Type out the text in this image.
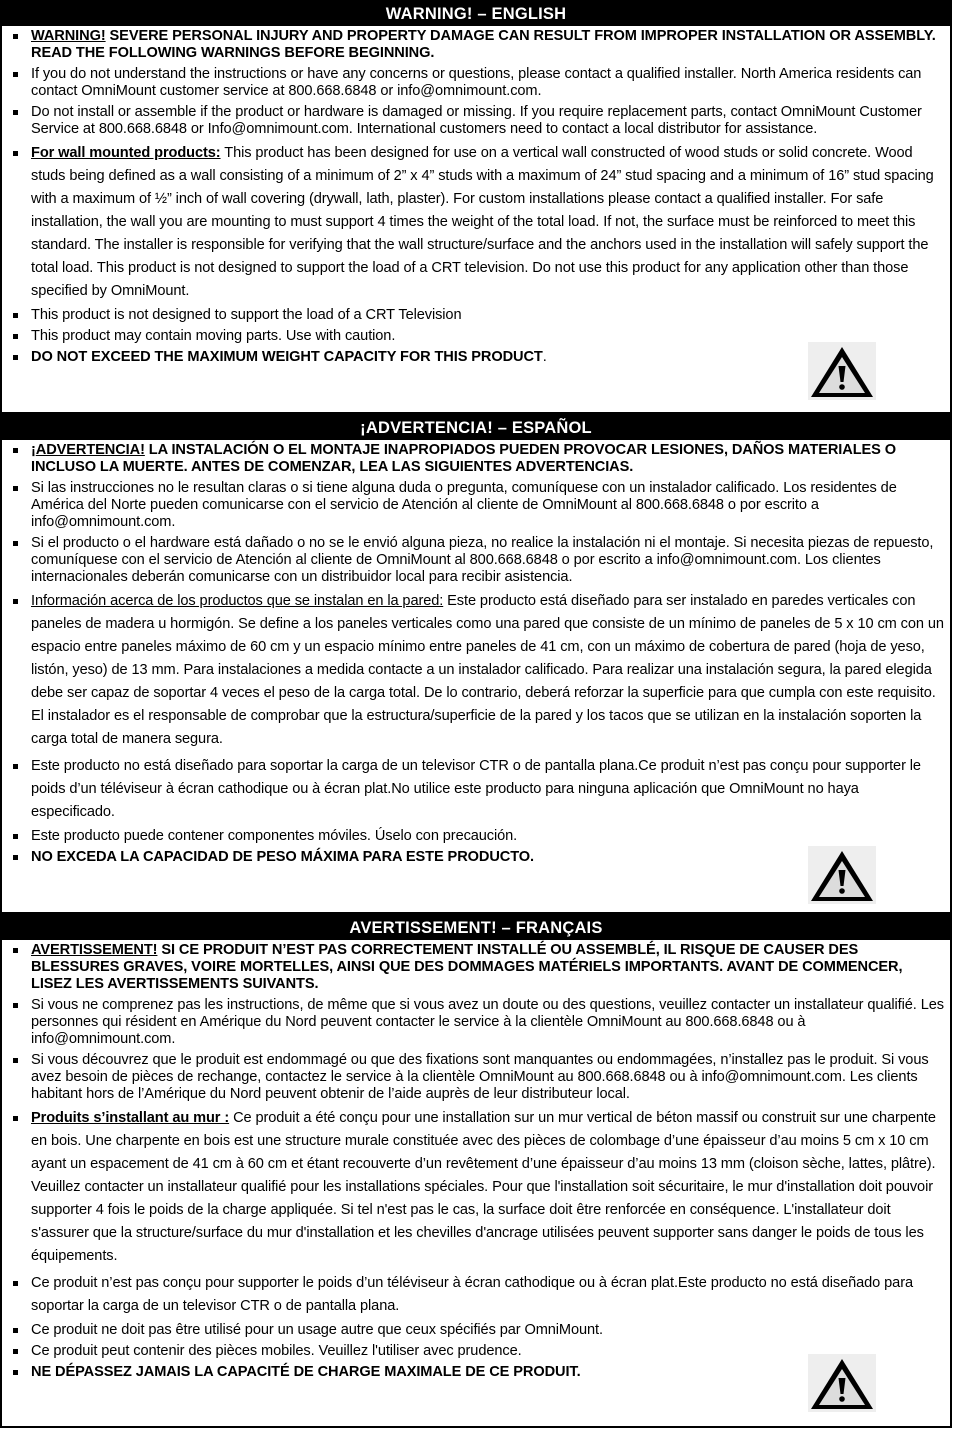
WARNING! – ENGLISH
WARNING! SEVERE PERSONAL INJURY AND PROPERTY DAMAGE CAN RESULT FROM IMPROPER INSTALLATION OR ASSEMBLY. READ THE FOLLOWING WARNINGS BEFORE BEGINNING.
If you do not understand the instructions or have any concerns or questions, please contact a qualified installer. North America residents can contact OmniMount customer service at 800.668.6848 or info@omnimount.com.
Do not install or assemble if the product or hardware is damaged or missing. If you require replacement parts, contact OmniMount Customer Service at 800.668.6848 or Info@omnimount.com. International customers need to contact a local distributor for assistance.
For wall mounted products: This product has been designed for use on a vertical wall constructed of wood studs or solid concrete. Wood studs being defined as a wall consisting of a minimum of 2” x 4” studs with a maximum of 24” stud spacing and a minimum of 16” stud spacing with a maximum of ½” inch of wall covering (drywall, lath, plaster). For custom installations please contact a qualified installer. For safe installation, the wall you are mounting to must support 4 times the weight of the total load. If not, the surface must be reinforced to meet this standard. The installer is responsible for verifying that the wall structure/surface and the anchors used in the installation will safely support the total load. This product is not designed to support the load of a CRT television. Do not use this product for any application other than those specified by OmniMount.
This product is not designed to support the load of a CRT Television
This product may contain moving parts. Use with caution.
DO NOT EXCEED THE MAXIMUM WEIGHT CAPACITY FOR THIS PRODUCT.
¡ADVERTENCIA! – ESPAÑOL
¡ADVERTENCIA! LA INSTALACIÓN O EL MONTAJE INAPROPIADOS PUEDEN PROVOCAR LESIONES, DAÑOS MATERIALES O INCLUSO LA MUERTE. ANTES DE COMENZAR, LEA LAS SIGUIENTES ADVERTENCIAS.
Si las instrucciones no le resultan claras o si tiene alguna duda o pregunta, comuníquese con un instalador calificado. Los residentes de América del Norte pueden comunicarse con el servicio de Atención al cliente de OmniMount al 800.668.6848 o por escrito a info@omnimount.com.
Si el producto o el hardware está dañado o no se le envió alguna pieza, no realice la instalación ni el montaje. Si necesita piezas de repuesto, comuníquese con el servicio de Atención al cliente de OmniMount al 800.668.6848 o por escrito a info@omnimount.com. Los clientes internacionales deberán comunicarse con un distribuidor local para recibir asistencia.
Información acerca de los productos que se instalan en la pared: Este producto está diseñado para ser instalado en paredes verticales con paneles de madera u hormigón. Se define a los paneles verticales como una pared que consiste de un mínimo de paneles de 5 x 10 cm con un espacio entre paneles máximo de 60 cm y un espacio mínimo entre paneles de 41 cm, con un máximo de cobertura de pared (hoja de yeso, listón, yeso) de 13 mm. Para instalaciones a medida contacte a un instalador calificado. Para realizar una instalación segura, la pared elegida debe ser capaz de soportar 4 veces el peso de la carga total. De lo contrario, deberá reforzar la superficie para que cumpla con este requisito. El instalador es el responsable de comprobar que la estructura/superficie de la pared y los tacos que se utilizan en la instalación soporten la carga total de manera segura.
Este producto no está diseñado para soportar la carga de un televisor CTR o de pantalla plana.Ce produit n’est pas conçu pour supporter le poids d’un téléviseur à écran cathodique ou à écran plat.No utilice este producto para ninguna aplicación que OmniMount no haya especificado.
Este producto puede contener componentes móviles. Úselo con precaución.
NO EXCEDA LA CAPACIDAD DE PESO MÁXIMA PARA ESTE PRODUCTO.
AVERTISSEMENT! – FRANÇAIS
AVERTISSEMENT! SI CE PRODUIT N’EST PAS CORRECTEMENT INSTALLÉ OU ASSEMBLÉ, IL RISQUE DE CAUSER DES BLESSURES GRAVES, VOIRE MORTELLES, AINSI QUE DES DOMMAGES MATÉRIELS IMPORTANTS. AVANT DE COMMENCER, LISEZ LES AVERTISSEMENTS SUIVANTS.
Si vous ne comprenez pas les instructions, de même que si vous avez un doute ou des questions, veuillez contacter un installateur qualifié. Les personnes qui résident en Amérique du Nord peuvent contacter le service à la clientèle OmniMount au 800.668.6848 ou à info@omnimount.com.
Si vous découvrez que le produit est endommagé ou que des fixations sont manquantes ou endommagées, n’installez pas le produit. Si vous avez besoin de pièces de rechange, contactez le service à la clientèle OmniMount au 800.668.6848 ou à info@omnimount.com. Les clients habitant hors de l’Amérique du Nord peuvent obtenir de l’aide auprès de leur distributeur local.
Produits s’installant au mur : Ce produit a été conçu pour une installation sur un mur vertical de béton massif ou construit sur une charpente en bois. Une charpente en bois est une structure murale constituée avec des pièces de colombage d’une épaisseur d’au moins 5 cm x 10 cm ayant un espacement de 41 cm à 60 cm et étant recouverte d’un revêtement d’une épaisseur d’au moins 13 mm (cloison sèche, lattes, plâtre). Veuillez contacter un installateur qualifié pour les installations spéciales. Pour que l'installation soit sécuritaire, le mur d'installation doit pouvoir supporter 4 fois le poids de la charge appliquée. Si tel n'est pas le cas, la surface doit être renforcée en conséquence. L'installateur doit s'assurer que la structure/surface du mur d'installation et les chevilles d'ancrage utilisées peuvent supporter sans danger le poids de tous les équipements.
Ce produit n’est pas conçu pour supporter le poids d’un téléviseur à écran cathodique ou à écran plat.Este producto no está diseñado para soportar la carga de un televisor CTR o de pantalla plana.
Ce produit ne doit pas être utilisé pour un usage autre que ceux spécifiés par OmniMount.
Ce produit peut contenir des pièces mobiles. Veuillez l'utiliser avec prudence.
NE DÉPASSEZ JAMAIS LA CAPACITÉ DE CHARGE MAXIMALE DE CE PRODUIT.
